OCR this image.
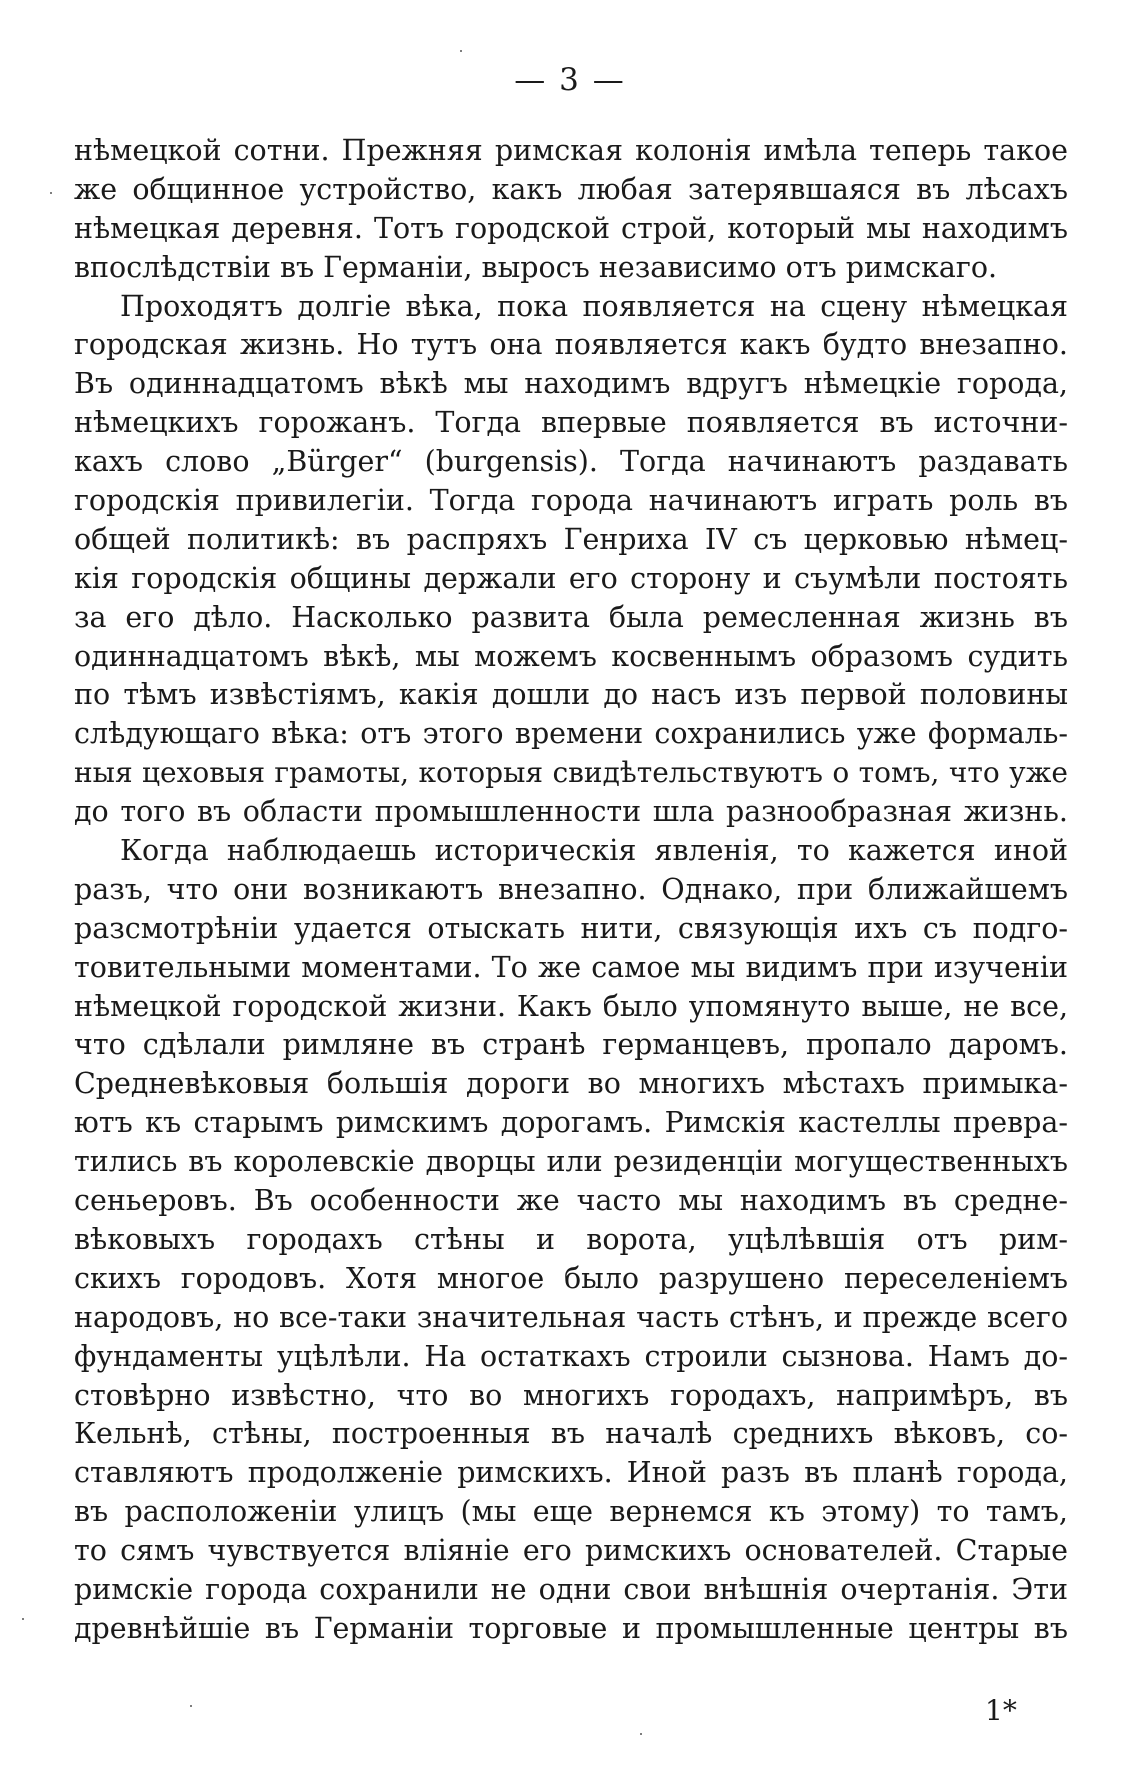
— 3 —
нѣмецкой сотни. Прежняя римская колонія имѣла теперь такое
же общинное устройство, какъ любая затерявшаяся въ лѣсахъ
нѣмецкая деревня. Тотъ городской строй, который мы находимъ
впослѣдствіи въ Германіи, выросъ независимо отъ римскаго.
Проходятъ долгіе вѣка, пока появляется на сцену нѣмецкая
городская жизнь. Но тутъ она появляется какъ будто внезапно.
Въ одиннадцатомъ вѣкѣ мы находимъ вдругъ нѣмецкіе города,
нѣмецкихъ горожанъ. Тогда впервые появляется въ источни-
кахъ слово „Bürger“ (burgensis). Тогда начинаютъ раздавать
городскія привилегіи. Тогда города начинаютъ играть роль въ
общей политикѣ: въ распряхъ Генриха IV съ церковью нѣмец-
кія городскія общины держали его сторону и съумѣли постоять
за его дѣло. Насколько развита была ремесленная жизнь въ
одиннадцатомъ вѣкѣ, мы можемъ косвеннымъ образомъ судить
по тѣмъ извѣстіямъ, какія дошли до насъ изъ первой половины
слѣдующаго вѣка: отъ этого времени сохранились уже формаль-
ныя цеховыя грамоты, которыя свидѣтельствуютъ о томъ, что уже
до того въ области промышленности шла разнообразная жизнь.
Когда наблюдаешь историческія явленія, то кажется иной
разъ, что они возникаютъ внезапно. Однако, при ближайшемъ
разсмотрѣніи удается отыскать нити, связующія ихъ съ подго-
товительными моментами. То же самое мы видимъ при изученіи
нѣмецкой городской жизни. Какъ было упомянуто выше, не все,
что сдѣлали римляне въ странѣ германцевъ, пропало даромъ.
Средневѣковыя большія дороги во многихъ мѣстахъ примыка-
ютъ къ старымъ римскимъ дорогамъ. Римскія кастеллы превра-
тились въ королевскіе дворцы или резиденціи могущественныхъ
сеньеровъ. Въ особенности же часто мы находимъ въ средне-
вѣковыхъ городахъ стѣны и ворота, уцѣлѣвшія отъ рим-
скихъ городовъ. Хотя многое было разрушено переселеніемъ
народовъ, но все-таки значительная часть стѣнъ, и прежде всего
фундаменты уцѣлѣли. На остаткахъ строили сызнова. Намъ до-
стовѣрно извѣстно, что во многихъ городахъ, напримѣръ, въ
Кельнѣ, стѣны, построенныя въ началѣ среднихъ вѣковъ, со-
ставляютъ продолженіе римскихъ. Иной разъ въ планѣ города,
въ расположеніи улицъ (мы еще вернемся къ этому) то тамъ,
то сямъ чувствуется вліяніе его римскихъ основателей. Старые
римскіе города сохранили не одни свои внѣшнія очертанія. Эти
древнѣйшіе въ Германіи торговые и промышленные центры въ
1*
